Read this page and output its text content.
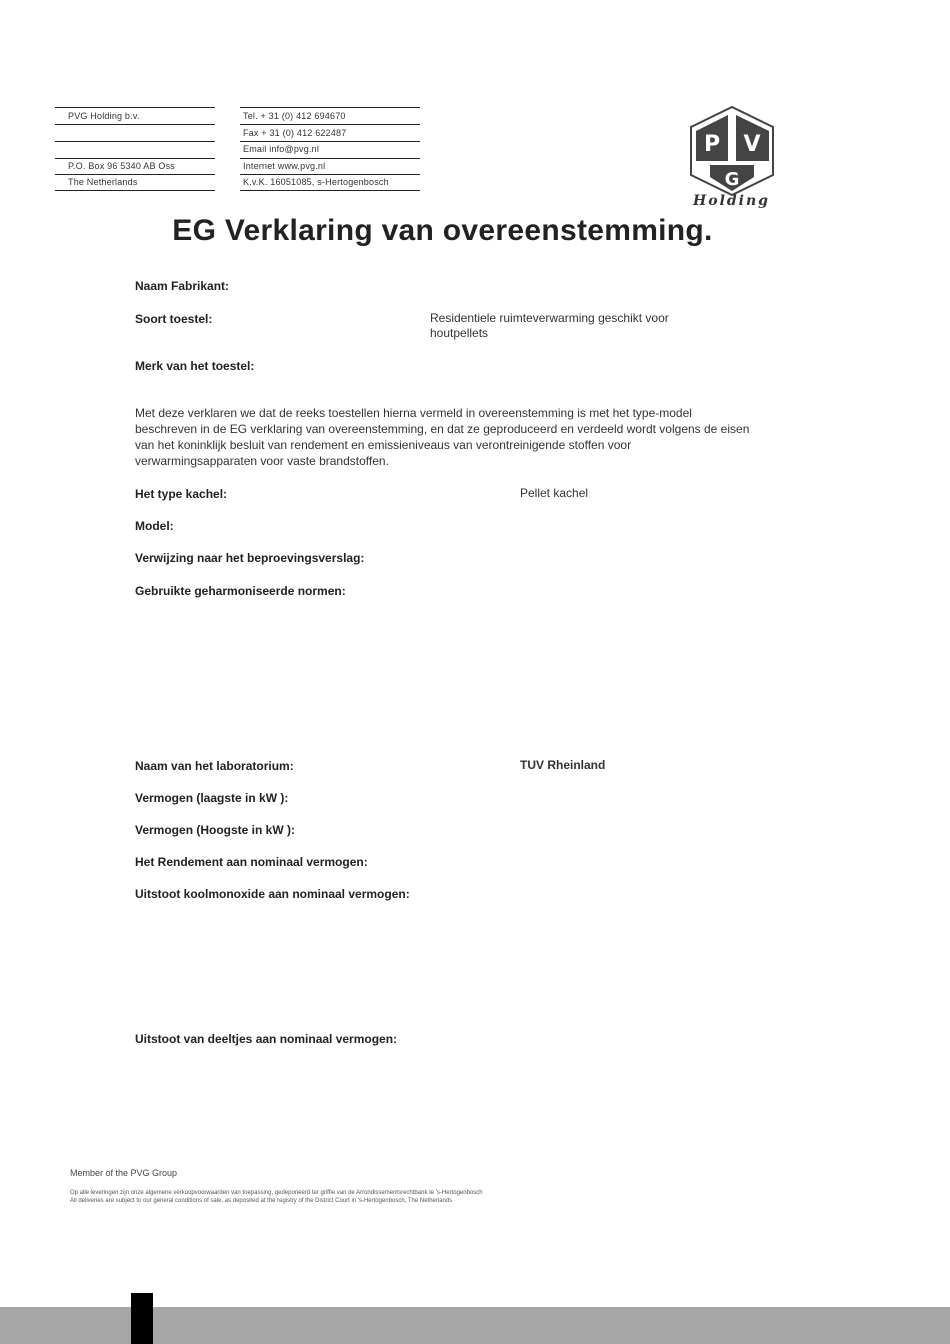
PVG Holding b.v.
P.O. Box 96 5340 AB Oss
The Netherlands
Tel. + 31 (0) 412 694670
Fax + 31 (0) 412 622487
Email info@pvg.nl
Internet www.pvg.nl
K.v.K. 16051085, s-Hertogenbosch
P V
G
Holding
EG Verklaring van overeenstemming.
Naam Fabrikant:
Soort toestel:	Residentiele ruimteverwarming geschikt voor houtpellets
Merk van het toestel:
Met deze verklaren we dat de reeks toestellen hierna vermeld in overeenstemming is met het type-model beschreven in de EG verklaring van overeenstemming, en dat ze geproduceerd en verdeeld wordt volgens de eisen van het koninklijk besluit van rendement en emissieniveaus van verontreinigende stoffen voor verwarmingsapparaten voor vaste brandstoffen.
Het type kachel:	Pellet kachel
Model:
Verwijzing naar het beproevingsverslag:
Gebruikte geharmoniseerde normen:
Naam van het laboratorium:	TUV Rheinland
Vermogen (laagste in kW ):
Vermogen (Hoogste in kW ):
Het Rendement aan nominaal vermogen:
Uitstoot koolmonoxide aan nominaal vermogen:
Uitstoot van deeltjes aan nominaal vermogen:
Member of the PVG Group
Op alle leveringen zijn onze algemene verkoopvoorwaarden van toepassing, gedeponeerd ter griffie van de Arrondissementsrechtbank te 's-Hertogenbosch
All deliveries are subject to our general conditions of sale, as deposited at the registry of the District Court in 's-Hertogenbosch, The Netherlands
